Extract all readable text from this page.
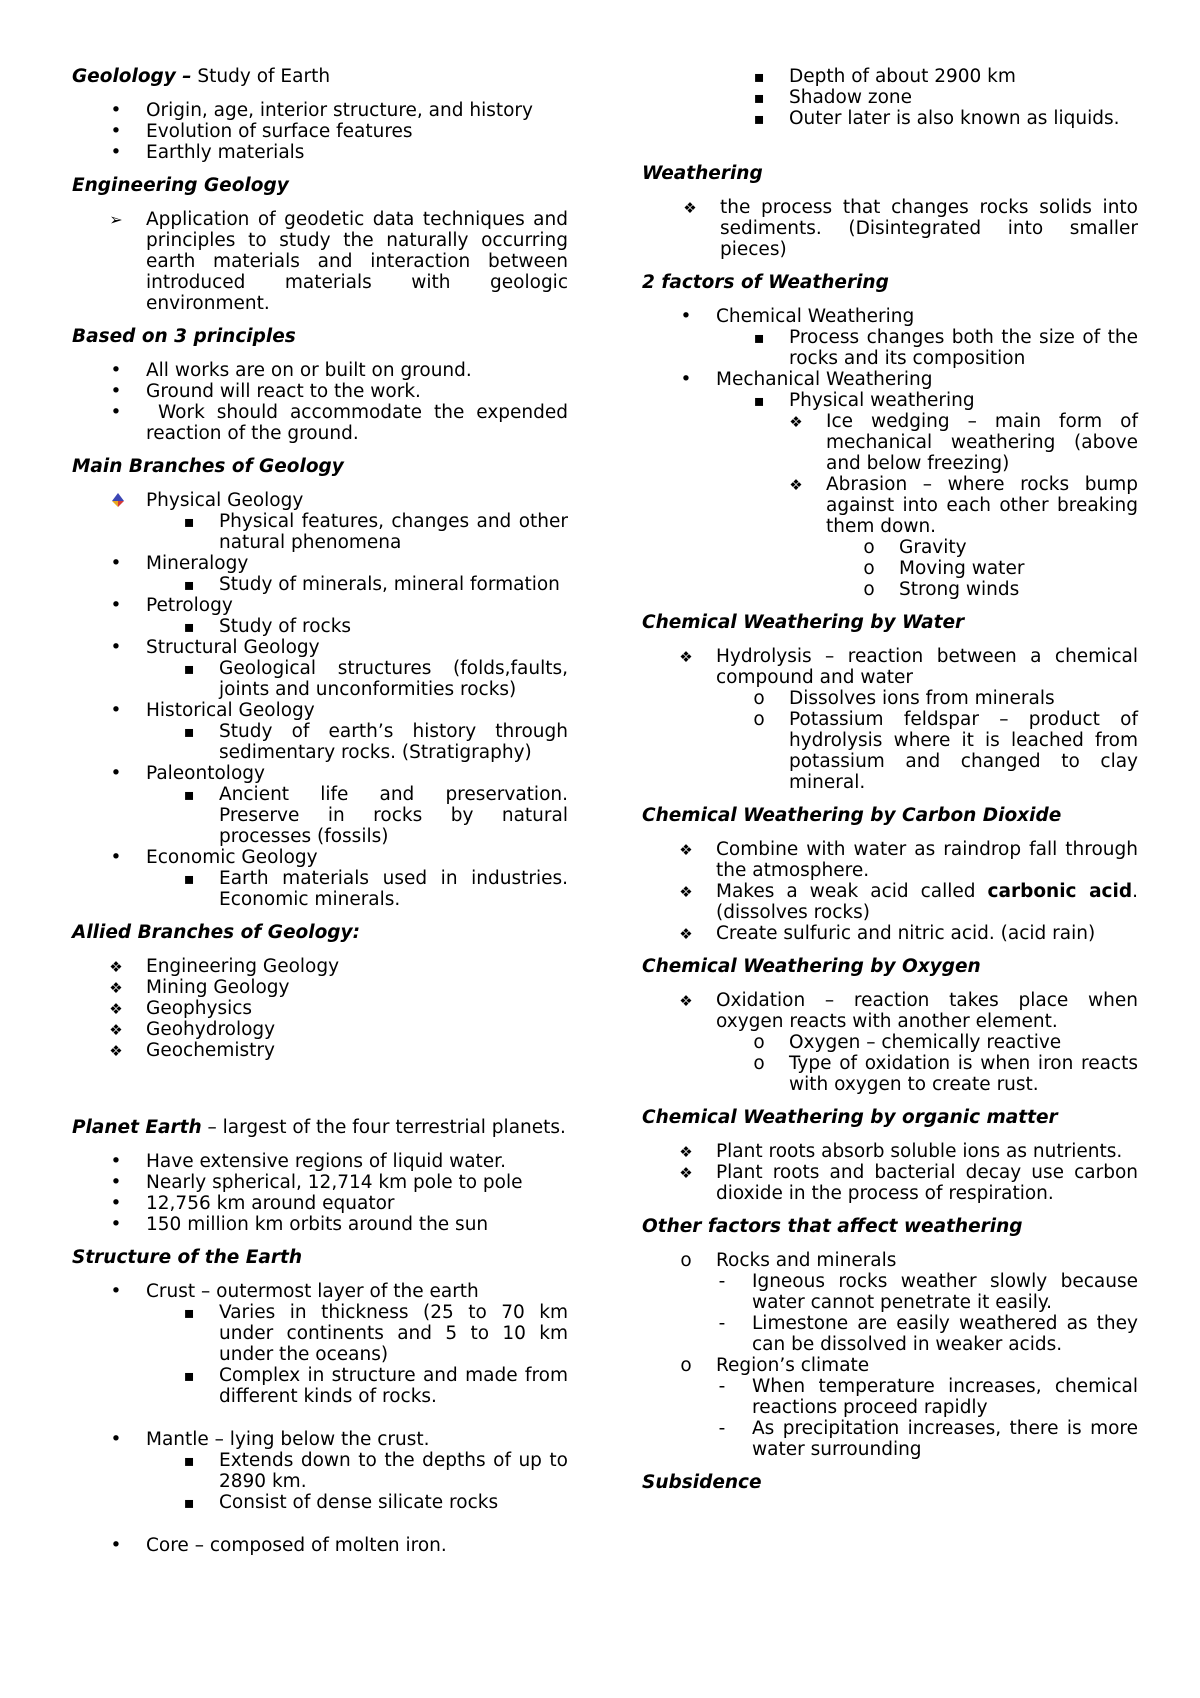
Geolology – Study of Earth

•
Origin, age, interior structure, and history
•
Evolution of surface features
•
Earthly materials

Engineering Geology

➢
Application of geodetic data techniques and principles to study the naturally occurring earth materials and interaction between introduced materials with geologic environment.

Based on 3 principles

•
All works are on or built on ground.
•
Ground will react to the work.
•
Work should accommodate the expended reaction of the ground.

Main Branches of Geology

Physical Geology
▪
Physical features, changes and other natural phenomena
•
Mineralogy
▪
Study of minerals, mineral formation
•
Petrology
▪
Study of rocks
•
Structural Geology
▪
Geological structures (folds,faults, joints and unconformities rocks)
•
Historical Geology
▪
Study of earth’s history through sedimentary rocks. (Stratigraphy)
•
Paleontology
▪
Ancient life and preservation. Preserve in rocks by natural processes (fossils)
•
Economic Geology
▪
Earth materials used in industries. Economic minerals.

Allied Branches of Geology:

❖
Engineering Geology
❖
Mining Geology
❖
Geophysics
❖
Geohydrology
❖
Geochemistry

Planet Earth – largest of the four terrestrial planets.

•
Have extensive regions of liquid water.
•
Nearly spherical, 12,714 km pole to pole
•
12,756 km around equator
•
150 million km orbits around the sun

Structure of the Earth

•
Crust – outermost layer of the earth
▪
Varies in thickness (25 to 70 km under continents and 5 to 10 km under the oceans)
▪
Complex in structure and made from different kinds of rocks.
•
Mantle – lying below the crust.
▪
Extends down to the depths of up to 2890 km.
▪
Consist of dense silicate rocks
•
Core – composed of molten iron.
▪
Depth of about 2900 km
▪
Shadow zone
▪
Outer later is also known as liquids.

Weathering

❖
the process that changes rocks solids into sediments. (Disintegrated into smaller pieces)

2 factors of Weathering

•
Chemical Weathering
▪
Process changes both the size of the rocks and its composition
•
Mechanical Weathering
▪
Physical weathering
❖
Ice wedging – main form of mechanical weathering (above and below freezing)
❖
Abrasion – where rocks bump against into each other breaking them down.
o
Gravity
o
Moving water
o
Strong winds

Chemical Weathering by Water

❖
Hydrolysis – reaction between a chemical compound and water
o
Dissolves ions from minerals
o
Potassium feldspar – product of hydrolysis where it is leached from potassium and changed to clay mineral.

Chemical Weathering by Carbon Dioxide

❖
Combine with water as raindrop fall through the atmosphere.
❖
Makes a weak acid called carbonic acid. (dissolves rocks)
❖
Create sulfuric and nitric acid. (acid rain)

Chemical Weathering by Oxygen

❖
Oxidation – reaction takes place when oxygen reacts with another element.
o
Oxygen – chemically reactive
o
Type of oxidation is when iron reacts with oxygen to create rust.

Chemical Weathering by organic matter

❖
Plant roots absorb soluble ions as nutrients.
❖
Plant roots and bacterial decay use carbon dioxide in the process of respiration.

Other factors that affect weathering

o
Rocks and minerals
-
Igneous rocks weather slowly because water cannot penetrate it easily.
-
Limestone are easily weathered as they can be dissolved in weaker acids.
o
Region’s climate
-
When temperature increases, chemical reactions proceed rapidly
-
As precipitation increases, there is more water surrounding

Subsidence
